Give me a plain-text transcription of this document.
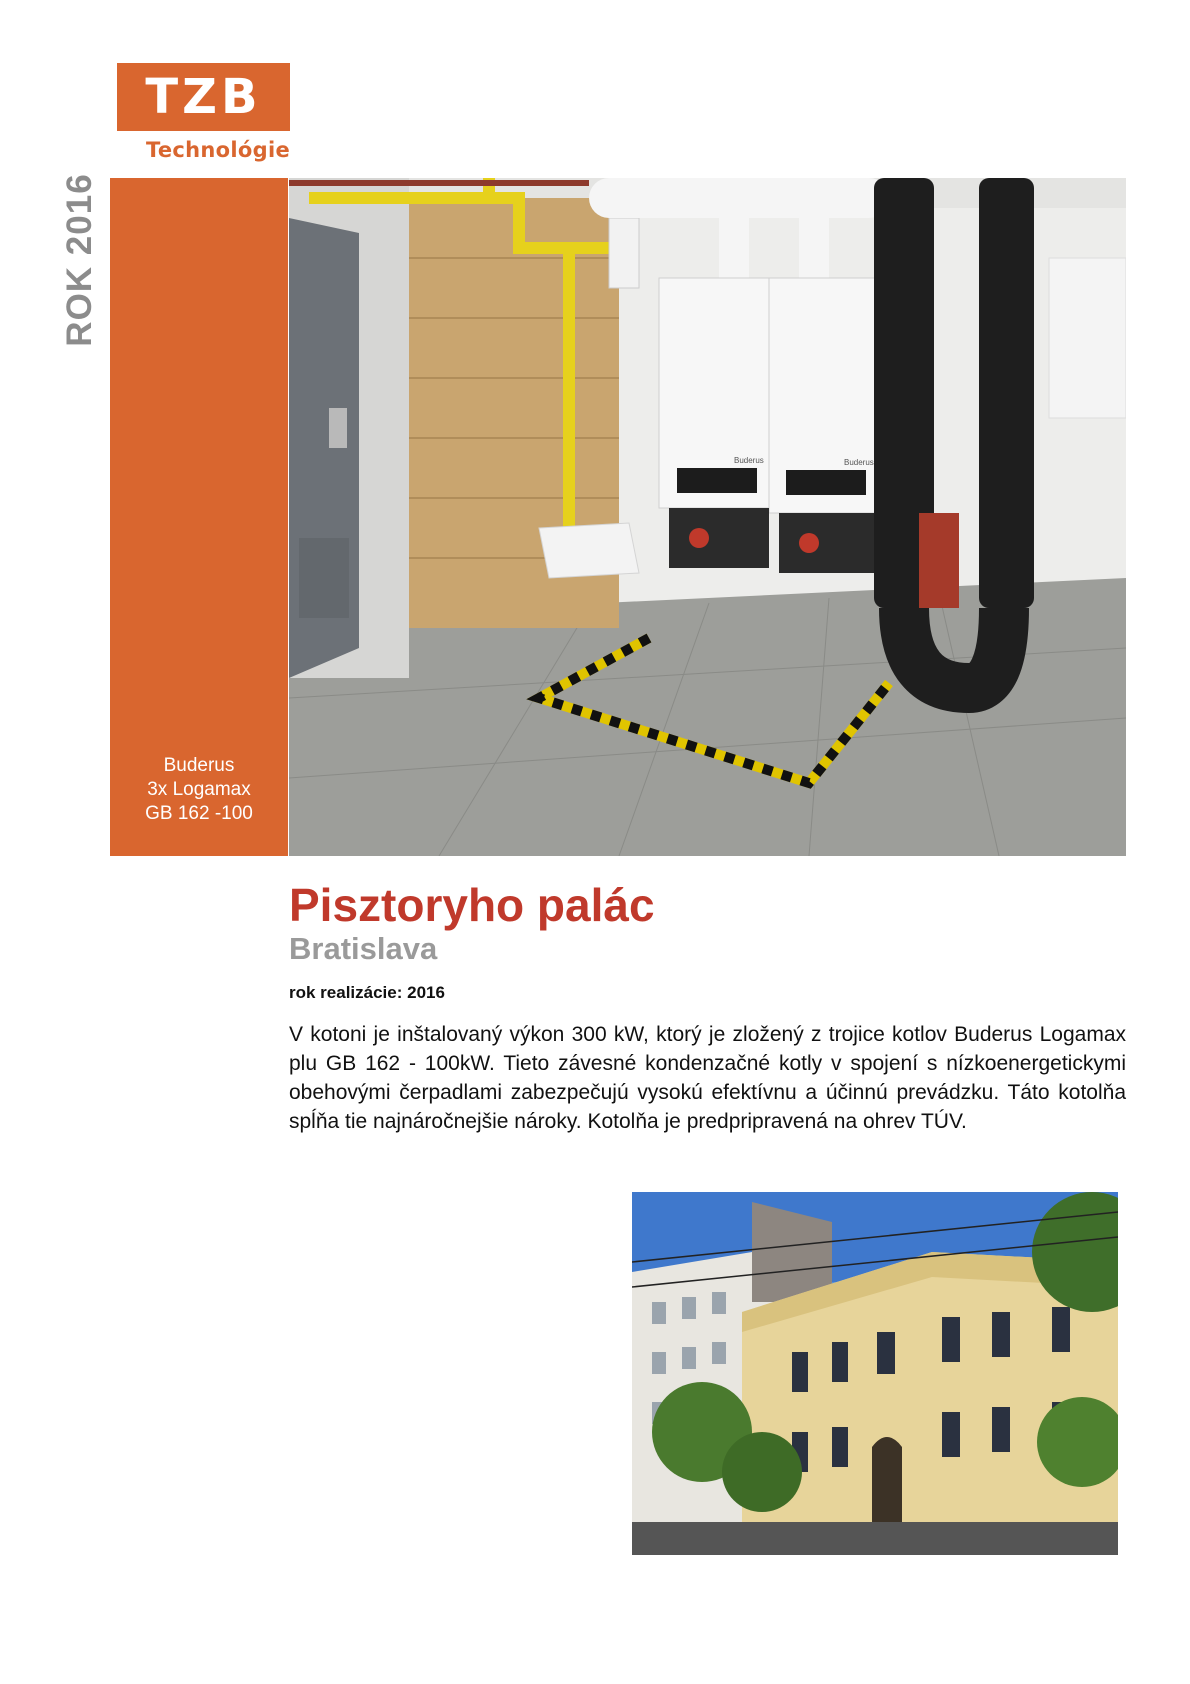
TZB
Technológie
ROK 2016
Buderus
3x Logamax
GB 162 -100
Buderus	Buderus
Pisztoryho palác
Bratislava
rok realizácie: 2016
V kotoni je inštalovaný výkon 300 kW, ktorý je zložený z trojice kotlov Buderus Logamax plu GB 162 - 100kW. Tieto závesné kondenzačné kotly v spojení s nízkoenergetickymi obehovými čerpadlami zabezpečujú vysokú efektívnu a účinnú prevádzku. Táto kotolňa spĺňa tie najnáročnejšie nároky. Kotolňa je predpripravená na ohrev TÚV.
